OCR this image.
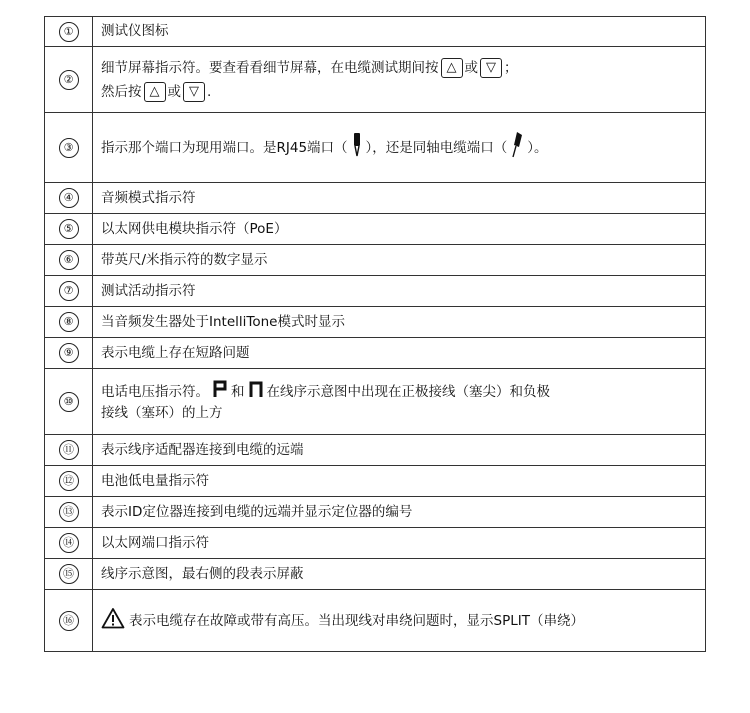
①	测试仪图标
②	细节屏幕指示符。要查看看细节屏幕，在电缆测试期间按 △ 或 ▽ ；
然后按 △ 或 ▽ .

③	指示那个端口为现用端口。是RJ45端口（ ），还是同轴电缆端口（ ）。
④	音频模式指示符
⑤	以太网供电模块指示符（PoE）
⑥	带英尺/米指示符的数字显示
⑦	测试活动指示符
⑧	当音频发生器处于IntelliTone模式时显示
⑨	表示电缆上存在短路问题
⑩	电话电压指示符。 和 在线序示意图中出现在正极接线（塞尖）和负极
接线（塞环）的上方

⑪	表示线序适配器连接到电缆的远端
⑫	电池低电量指示符
⑬	表示ID定位器连接到电缆的远端并显示定位器的编号
⑭	以太网端口指示符
⑮	线序示意图，最右侧的段表示屏蔽
⑯	表示电缆存在故障或带有高压。当出现线对串绕问题时，显示SPLIT（串绕）
